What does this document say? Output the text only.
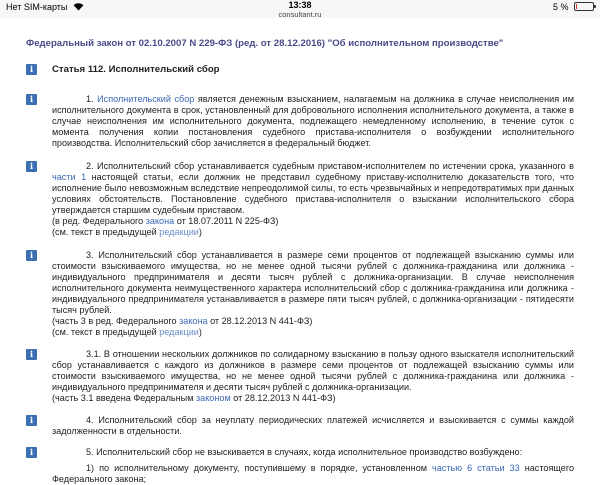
Нет SIM-карты	13:38
consultant.ru
5 %
Федеральный закон от 02.10.2007 N 229-ФЗ (ред. от 28.12.2016) "Об исполнительном производстве"
i	Статья 112. Исполнительский сбор
i	1. Исполнительский сбор является денежным взысканием, налагаемым на должника в случае неисполнения им исполнительного документа в срок, установленный для добровольного исполнения исполнительного документа, а также в случае неисполнения им исполнительного документа, подлежащего немедленному исполнению, в течение суток с момента получения копии постановления судебного пристава-исполнителя о возбуждении исполнительного производства. Исполнительский сбор зачисляется в федеральный бюджет.
i	2. Исполнительский сбор устанавливается судебным приставом-исполнителем по истечении срока, указанного в части 1 настоящей статьи, если должник не представил судебному приставу-исполнителю доказательств того, что исполнение было невозможным вследствие непреодолимой силы, то есть чрезвычайных и непредотвратимых при данных условиях обстоятельств. Постановление судебного пристава-исполнителя о взыскании исполнительского сбора утверждается старшим судебным приставом.
(в ред. Федерального закона от 18.07.2011 N 225-ФЗ)
(см. текст в предыдущей редакции)
i	3. Исполнительский сбор устанавливается в размере семи процентов от подлежащей взысканию суммы или стоимости взыскиваемого имущества, но не менее одной тысячи рублей с должника-гражданина или должника - индивидуального предпринимателя и десяти тысяч рублей с должника-организации. В случае неисполнения исполнительного документа неимущественного характера исполнительский сбор с должника-гражданина или должника - индивидуального предпринимателя устанавливается в размере пяти тысяч рублей, с должника-организации - пятидесяти тысяч рублей.
(часть 3 в ред. Федерального закона от 28.12.2013 N 441-ФЗ)
(см. текст в предыдущей редакции)
i	3.1. В отношении нескольких должников по солидарному взысканию в пользу одного взыскателя исполнительский сбор устанавливается с каждого из должников в размере семи процентов от подлежащей взысканию суммы или стоимости взыскиваемого имущества, но не менее одной тысячи рублей с должника-гражданина или должника - индивидуального предпринимателя и десяти тысяч рублей с должника-организации.
(часть 3.1 введена Федеральным законом от 28.12.2013 N 441-ФЗ)
i	4. Исполнительский сбор за неуплату периодических платежей исчисляется и взыскивается с суммы каждой задолженности в отдельности.
i	5. Исполнительский сбор не взыскивается в случаях, когда исполнительное производство возбуждено:
1) по исполнительному документу, поступившему в порядке, установленном частью 6 статьи 33 настоящего Федерального закона;
